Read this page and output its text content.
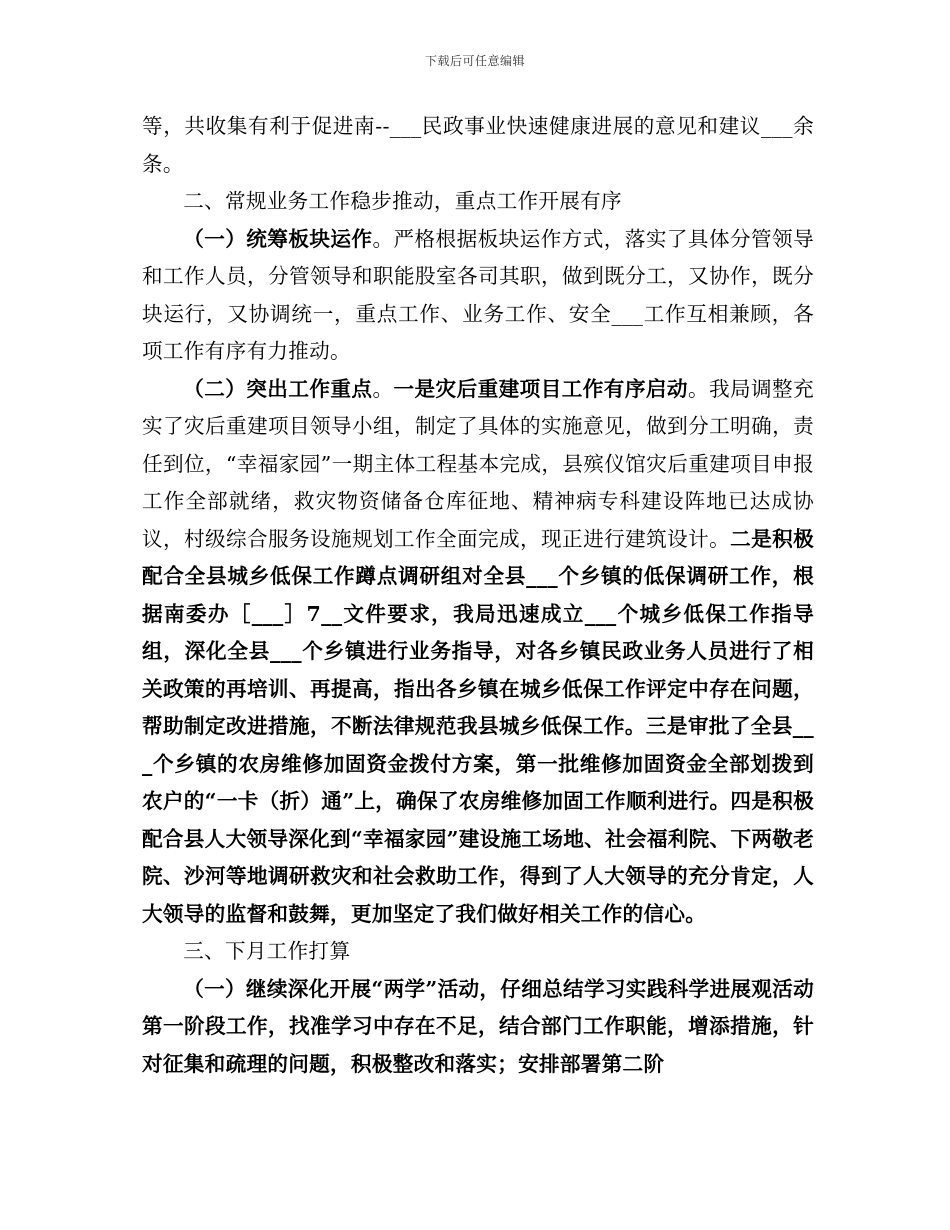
下载后可任意编辑

等，共收集有利于促进南--___民政事业快速健康进展的意见和建议___余条。

二、常规业务工作稳步推动，重点工作开展有序

（一）统筹板块运作。严格根据板块运作方式，落实了具体分管领导和工作人员，分管领导和职能股室各司其职，做到既分工，又协作，既分块运行，又协调统一，重点工作、业务工作、安全___工作互相兼顾，各项工作有序有力推动。

（二）突出工作重点。一是灾后重建项目工作有序启动。我局调整充实了灾后重建项目领导小组，制定了具体的实施意见，做到分工明确，责任到位，“幸福家园”一期主体工程基本完成，县殡仪馆灾后重建项目申报工作全部就绪，救灾物资储备仓库征地、精神病专科建设阵地已达成协议，村级综合服务设施规划工作全面完成，现正进行建筑设计。二是积极配合全县城乡低保工作蹲点调研组对全县___个乡镇的低保调研工作，根据南委办［___］7__文件要求，我局迅速成立___个城乡低保工作指导组，深化全县___个乡镇进行业务指导，对各乡镇民政业务人员进行了相关政策的再培训、再提高，指出各乡镇在城乡低保工作评定中存在问题，帮助制定改进措施，不断法律规范我县城乡低保工作。三是审批了全县___个乡镇的农房维修加固资金拨付方案，第一批维修加固资金全部划拨到农户的“一卡（折）通”上，确保了农房维修加固工作顺利进行。四是积极配合县人大领导深化到“幸福家园”建设施工场地、社会福利院、下两敬老院、沙河等地调研救灾和社会救助工作，得到了人大领导的充分肯定，人大领导的监督和鼓舞，更加坚定了我们做好相关工作的信心。

三、下月工作打算

（一）继续深化开展“两学”活动，仔细总结学习实践科学进展观活动第一阶段工作，找准学习中存在不足，结合部门工作职能，增添措施，针对征集和疏理的问题，积极整改和落实；安排部署第二阶
